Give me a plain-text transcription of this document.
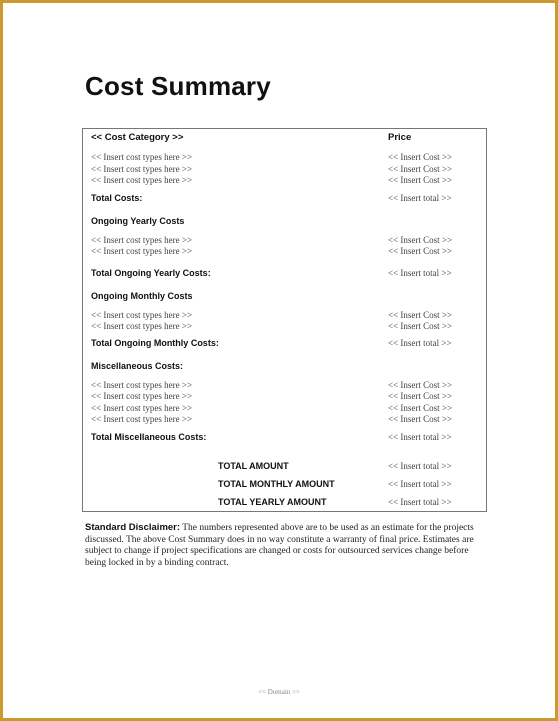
Cost Summary
<< Cost Category >>	Price
<< Insert cost types here >>	<< Insert Cost >>
<< Insert cost types here >>	<< Insert Cost >>
<< Insert cost types here >>	<< Insert Cost >>
Total Costs:	<< Insert total >>
Ongoing Yearly Costs
<< Insert cost types here >>	<< Insert Cost >>
<< Insert cost types here >>	<< Insert Cost >>
Total Ongoing Yearly Costs:	<< Insert total >>
Ongoing Monthly Costs
<< Insert cost types here >>	<< Insert Cost >>
<< Insert cost types here >>	<< Insert Cost >>
Total Ongoing Monthly Costs:	<< Insert total >>
Miscellaneous Costs:
<< Insert cost types here >>	<< Insert Cost >>
<< Insert cost types here >>	<< Insert Cost >>
<< Insert cost types here >>	<< Insert Cost >>
<< Insert cost types here >>	<< Insert Cost >>
Total Miscellaneous Costs:	<< Insert total >>
TOTAL AMOUNT	<< Insert total >>
TOTAL MONTHLY AMOUNT	<< Insert total >>
TOTAL YEARLY AMOUNT	<< Insert total >>
Standard Disclaimer: The numbers represented above are to be used as an estimate for the projects discussed. The above Cost Summary does in no way constitute a warranty of final price. Estimates are subject to change if project specifications are changed or costs for outsourced services change before being locked in by a binding contract.
<< Domain >>
